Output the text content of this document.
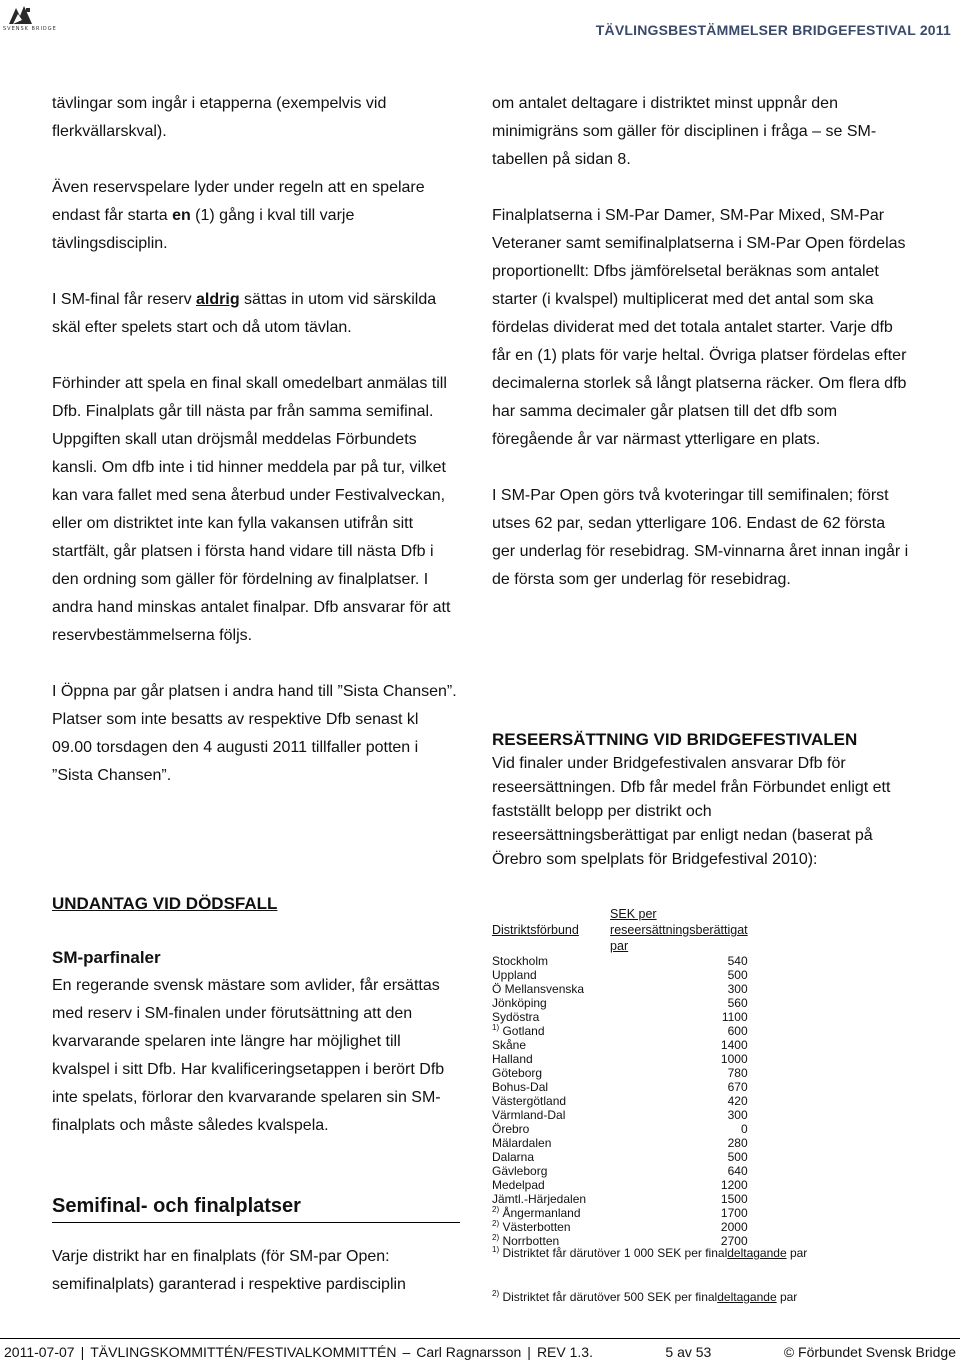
SVENSK BRIDGE	TÄVLINGSBESTÄMMELSER BRIDGEFESTIVAL 2011

tävlingar som ingår i etapperna (exempelvis vid flerkvällarskval).

Även reservspelare lyder under regeln att en spelare endast får starta en (1) gång i kval till varje tävlingsdisciplin.

I SM-final får reserv aldrig sättas in utom vid särskilda skäl efter spelets start och då utom tävlan.

Förhinder att spela en final skall omedelbart anmälas till Dfb. Finalplats går till nästa par från samma semifinal. Uppgiften skall utan dröjsmål meddelas Förbundets kansli. Om dfb inte i tid hinner meddela par på tur, vilket kan vara fallet med sena återbud under Festivalveckan, eller om distriktet inte kan fylla vakansen utifrån sitt startfält, går platsen i första hand vidare till nästa Dfb i den ordning som gäller för fördelning av finalplatser. I andra hand minskas antalet finalpar. Dfb ansvarar för att reservbestämmelserna följs.

I Öppna par går platsen i andra hand till ”Sista Chansen”. Platser som inte besatts av respektive Dfb senast kl 09.00 torsdagen den 4 augusti 2011 tillfaller potten i ”Sista Chansen”.

UNDANTAG VID DÖDSFALL

SM-parfinaler

En regerande svensk mästare som avlider, får ersättas med reserv i SM-finalen under förutsättning att den kvarvarande spelaren inte längre har möjlighet till kvalspel i sitt Dfb. Har kvalificeringsetappen i berört Dfb inte spelats, förlorar den kvarvarande spelaren sin SM-finalplats och måste således kvalspela.

Semifinal- och finalplatser

Varje distrikt har en finalplats (för SM-par Open: semifinalplats) garanterad i respektive pardisciplin

om antalet deltagare i distriktet minst uppnår den minimigräns som gäller för disciplinen i fråga – se SM-tabellen på sidan 8.

Finalplatserna i SM-Par Damer, SM-Par Mixed, SM-Par Veteraner samt semifinalplatserna i SM-Par Open fördelas proportionellt: Dfbs jämförelsetal beräknas som antalet starter (i kvalspel) multiplicerat med det antal som ska fördelas dividerat med det totala antalet starter. Varje dfb får en (1) plats för varje heltal. Övriga platser fördelas efter decimalerna storlek så långt platserna räcker. Om flera dfb har samma decimaler går platsen till det dfb som föregående år var närmast ytterligare en plats.

I SM-Par Open görs två kvoteringar till semifinalen; först utses 62 par, sedan ytterligare 106. Endast de 62 första ger underlag för resebidrag. SM-vinnarna året innan ingår i de första som ger underlag för resebidrag.

RESEERSÄTTNING VID BRIDGEFESTIVALEN

Vid finaler under Bridgefestivalen ansvarar Dfb för reseersättningen. Dfb får medel från Förbundet enligt ett fastställt belopp per distrikt och reseersättningsberättigat par enligt nedan (baserat på Örebro som spelplats för Bridgefestival 2010):

Distriktsförbund	SEK per reseersättningsberättigat par
Stockholm	540
Uppland	500
Ö Mellansvenska	300
Jönköping	560
Sydöstra	1100
$^{1)}$ Gotland	600
Skåne	1400
Halland	1000
Göteborg	780
Bohus-Dal	670
Västergötland	420
Värmland-Dal	300
Örebro	0
Mälardalen	280
Dalarna	500
Gävleborg	640
Medelpad	1200
Jämtl.-Härjedalen	1500
$^{2)}$ Ångermanland	1700
$^{2)}$ Västerbotten	2000
$^{2)}$ Norrbotten	2700
$^{1)}$ Distriktet får därutöver 1 000 SEK per finaldeltagande par
$^{2)}$ Distriktet får därutöver 500 SEK per finaldeltagande par
2011-07-07 | TÄVLINGSKOMMITTÉN/FESTIVALKOMMITTÉN – Carl Ragnarsson | REV 1.3.	5 av 53	© Förbundet Svensk Bridge
